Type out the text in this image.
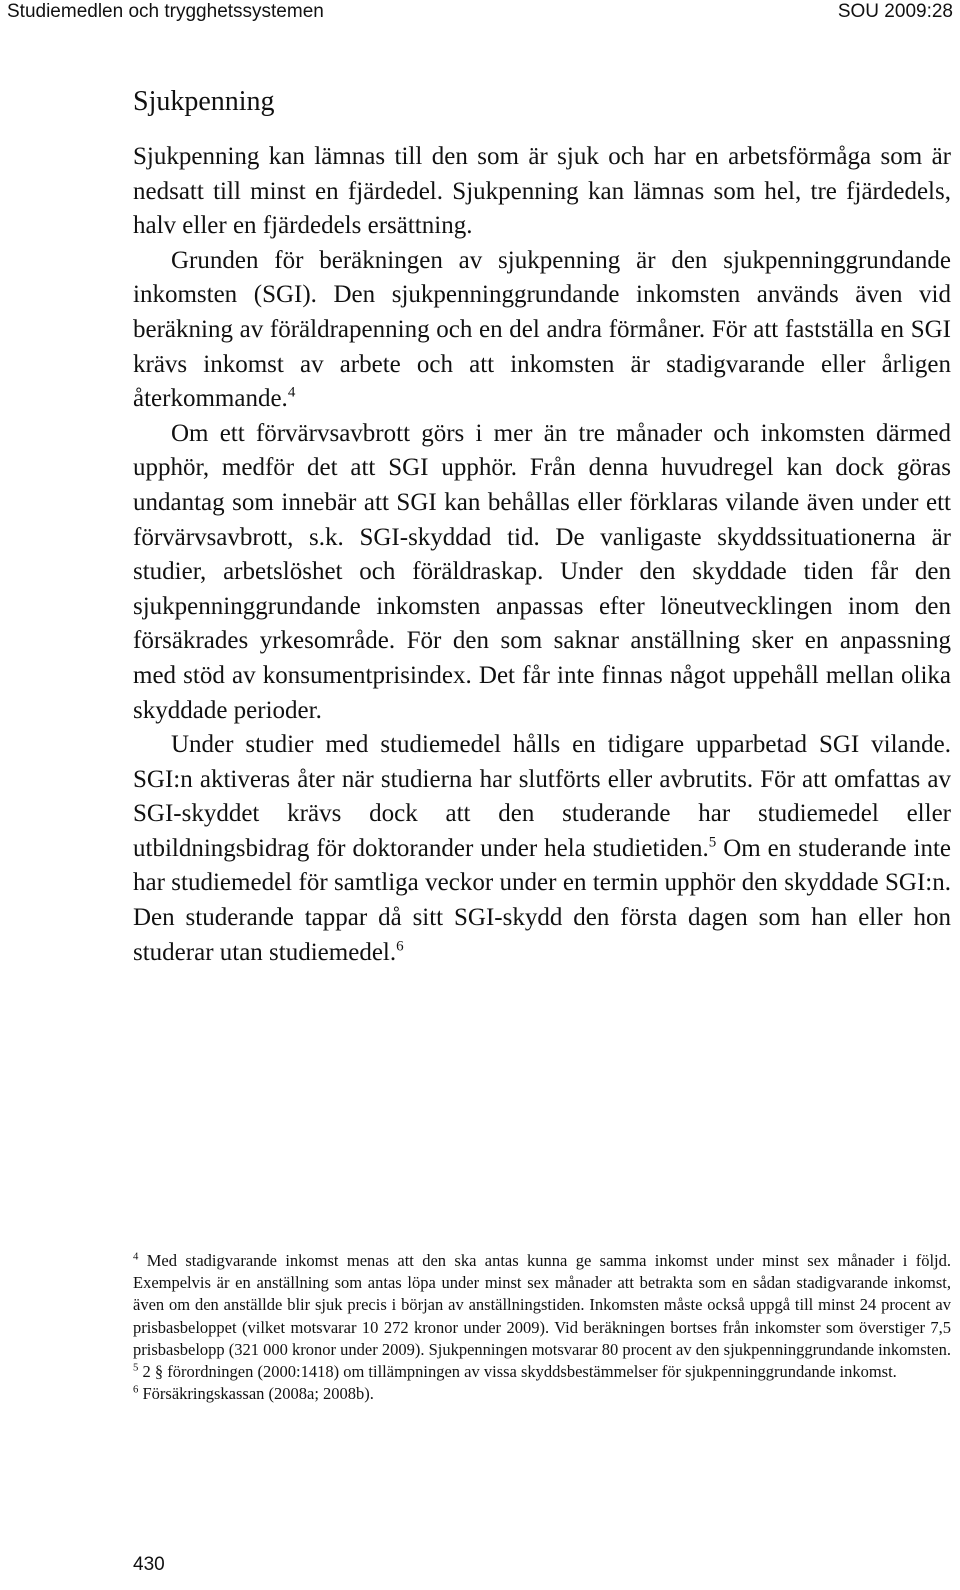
Studiemedlen och trygghetssystemen	SOU 2009:28
Sjukpenning

Sjukpenning kan lämnas till den som är sjuk och har en arbetsförmåga som är nedsatt till minst en fjärdedel. Sjukpenning kan lämnas som hel, tre fjärdedels, halv eller en fjärdedels ersättning.

Grunden för beräkningen av sjukpenning är den sjukpenninggrundande inkomsten (SGI). Den sjukpenninggrundande inkomsten används även vid beräkning av föräldrapenning och en del andra förmåner. För att fastställa en SGI krävs inkomst av arbete och att inkomsten är stadigvarande eller årligen återkommande.$^4$

Om ett förvärvsavbrott görs i mer än tre månader och inkomsten därmed upphör, medför det att SGI upphör. Från denna huvudregel kan dock göras undantag som innebär att SGI kan behållas eller förklaras vilande även under ett förvärvsavbrott, s.k. SGI-skyddad tid. De vanligaste skyddssituationerna är studier, arbetslöshet och föräldraskap. Under den skyddade tiden får den sjukpenninggrundande inkomsten anpassas efter löneutvecklingen inom den försäkrades yrkesområde. För den som saknar anställning sker en anpassning med stöd av konsumentprisindex. Det får inte finnas något uppehåll mellan olika skyddade perioder.

Under studier med studiemedel hålls en tidigare upparbetad SGI vilande. SGI:n aktiveras åter när studierna har slutförts eller avbrutits. För att omfattas av SGI-skyddet krävs dock att den studerande har studiemedel eller utbildningsbidrag för doktorander under hela studietiden.$^5$ Om en studerande inte har studiemedel för samtliga veckor under en termin upphör den skyddade SGI:n. Den studerande tappar då sitt SGI-skydd den första dagen som han eller hon studerar utan studiemedel.$^6$

$^4$ Med stadigvarande inkomst menas att den ska antas kunna ge samma inkomst under minst sex månader i följd. Exempelvis är en anställning som antas löpa under minst sex månader att betrakta som en sådan stadigvarande inkomst, även om den anställde blir sjuk precis i början av anställningstiden. Inkomsten måste också uppgå till minst 24 procent av prisbasbeloppet (vilket motsvarar 10 272 kronor under 2009). Vid beräkningen bortses från inkomster som överstiger 7,5 prisbasbelopp (321 000 kronor under 2009). Sjukpenningen motsvarar 80 procent av den sjukpenninggrundande inkomsten.

$^5$ 2 § förordningen (2000:1418) om tillämpningen av vissa skyddsbestämmelser för sjukpenninggrundande inkomst.

$^6$ Försäkringskassan (2008a; 2008b).

430
